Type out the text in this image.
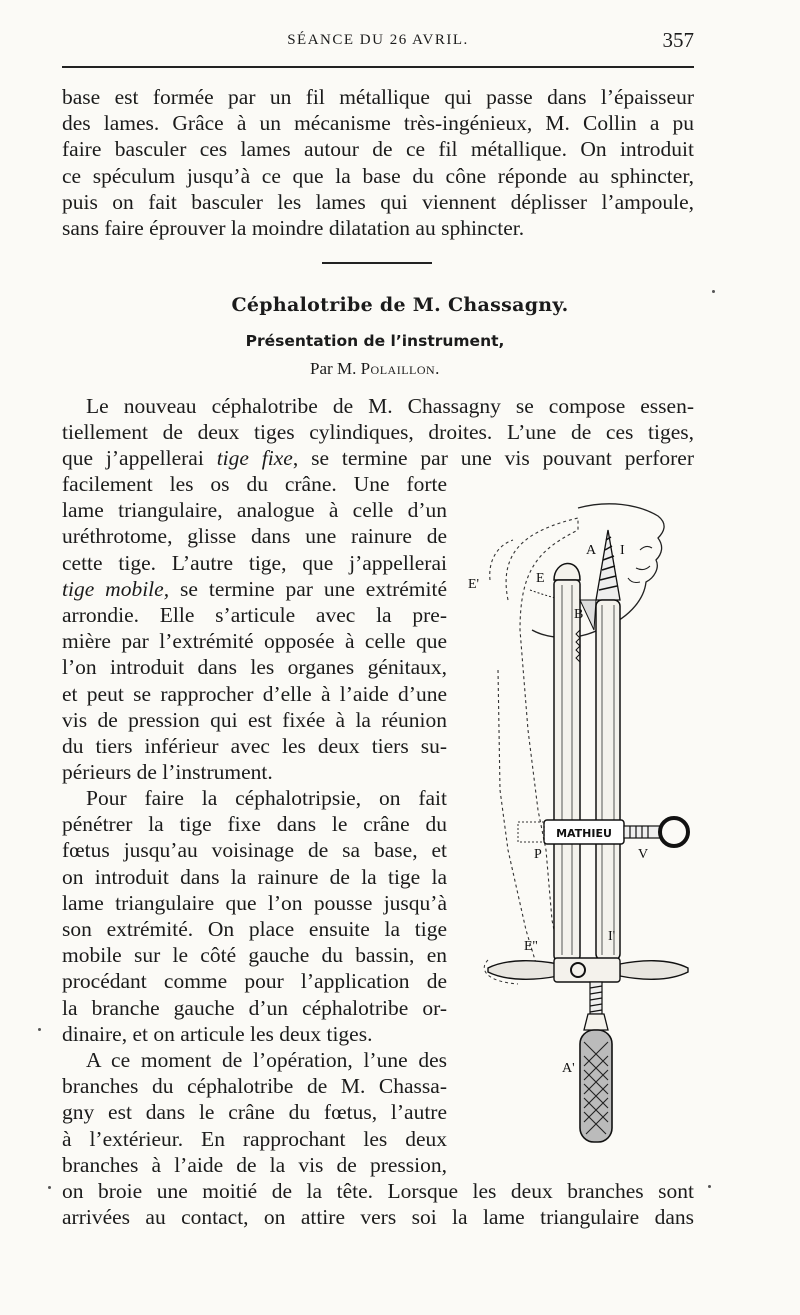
SÉANCE DU 26 AVRIL.	357
base est formée par un fil métallique qui passe dans l’épaisseur
des lames. Grâce à un mécanisme très-ingénieux, M. Collin a pu
faire basculer ces lames autour de ce fil métallique. On introduit
ce spéculum jusqu’à ce que la base du cône réponde au sphincter,
puis on fait basculer les lames qui viennent déplisser l’ampoule,
sans faire éprouver la moindre dilatation au sphincter.
Céphalotribe de M. Chassagny.
Présentation de l’instrument,
Par M. Polaillon.
Le nouveau céphalotribe de M. Chassagny se compose essen-
tiellement de deux tiges cylindiques, droites. L’une de ces tiges,
que j’appellerai tige fixe, se termine par une vis pouvant perforer
facilement les os du crâne. Une forte
lame triangulaire, analogue à celle d’un
uréthrotome, glisse dans une rainure de
cette tige. L’autre tige, que j’appellerai
tige mobile, se termine par une extrémité
arrondie. Elle s’articule avec la pre-
mière par l’extrémité opposée à celle que
l’on introduit dans les organes génitaux,
et peut se rapprocher d’elle à l’aide d’une
vis de pression qui est fixée à la réunion
du tiers inférieur avec les deux tiers su-
périeurs de l’instrument.
Pour faire la céphalotripsie, on fait
pénétrer la tige fixe dans le crâne du
fœtus jusqu’au voisinage de sa base, et
on introduit dans la rainure de la tige la
lame triangulaire que l’on pousse jusqu’à
son extrémité. On place ensuite la tige
mobile sur le côté gauche du bassin, en
procédant comme pour l’application de
la branche gauche d’un céphalotribe or-
dinaire, et on articule les deux tiges.
A ce moment de l’opération, l’une des
branches du céphalotribe de M. Chassa-
gny est dans le crâne du fœtus, l’autre
à l’extérieur. En rapprochant les deux
branches à l’aide de la vis de pression,
on broie une moitié de la tête. Lorsque les deux branches sont
arrivées au contact, on attire vers soi la lame triangulaire dans
MATHIEU
A I
E
E'
B
P	V
E''
I'
A'
